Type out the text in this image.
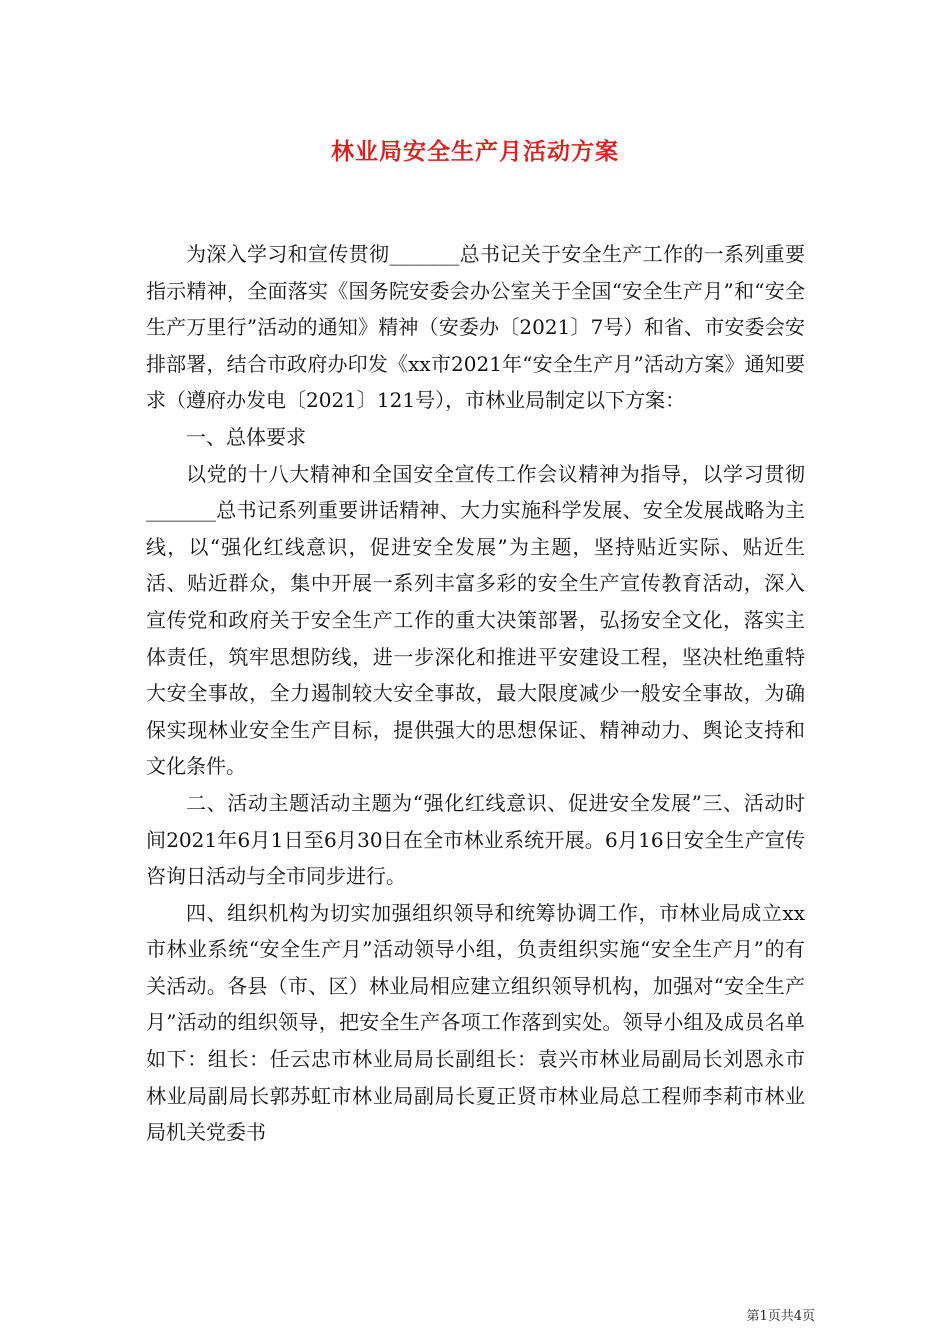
林业局安全生产月活动方案

为深入学习和宣传贯彻_______总书记关于安全生产工作的一系列重要指示精神，全面落实《国务院安委会办公室关于全国“安全生产月”和“安全生产万里行”活动的通知》精神（安委办〔2021〕7号）和省、市安委会安排部署，结合市政府办印发《xx市2021年“安全生产月”活动方案》通知要求（遵府办发电〔2021〕121号），市林业局制定以下方案：

一、总体要求

以党的十八大精神和全国安全宣传工作会议精神为指导，以学习贯彻_______总书记系列重要讲话精神、大力实施科学发展、安全发展战略为主线，以“强化红线意识，促进安全发展”为主题，坚持贴近实际、贴近生活、贴近群众，集中开展一系列丰富多彩的安全生产宣传教育活动，深入宣传党和政府关于安全生产工作的重大决策部署，弘扬安全文化，落实主体责任，筑牢思想防线，进一步深化和推进平安建设工程，坚决杜绝重特大安全事故，全力遏制较大安全事故，最大限度减少一般安全事故，为确保实现林业安全生产目标，提供强大的思想保证、精神动力、舆论支持和文化条件。

二、活动主题活动主题为“强化红线意识、促进安全发展”三、活动时间2021年6月1日至6月30日在全市林业系统开展。6月16日安全生产宣传咨询日活动与全市同步进行。

四、组织机构为切实加强组织领导和统筹协调工作，市林业局成立xx市林业系统“安全生产月”活动领导小组，负责组织实施“安全生产月”的有关活动。各县（市、区）林业局相应建立组织领导机构，加强对“安全生产月”活动的组织领导，把安全生产各项工作落到实处。领导小组及成员名单如下：组长：任云忠市林业局局长副组长：袁兴市林业局副局长刘恩永市林业局副局长郭苏虹市林业局副局长夏正贤市林业局总工程师李莉市林业局机关党委书

第1页共4页
